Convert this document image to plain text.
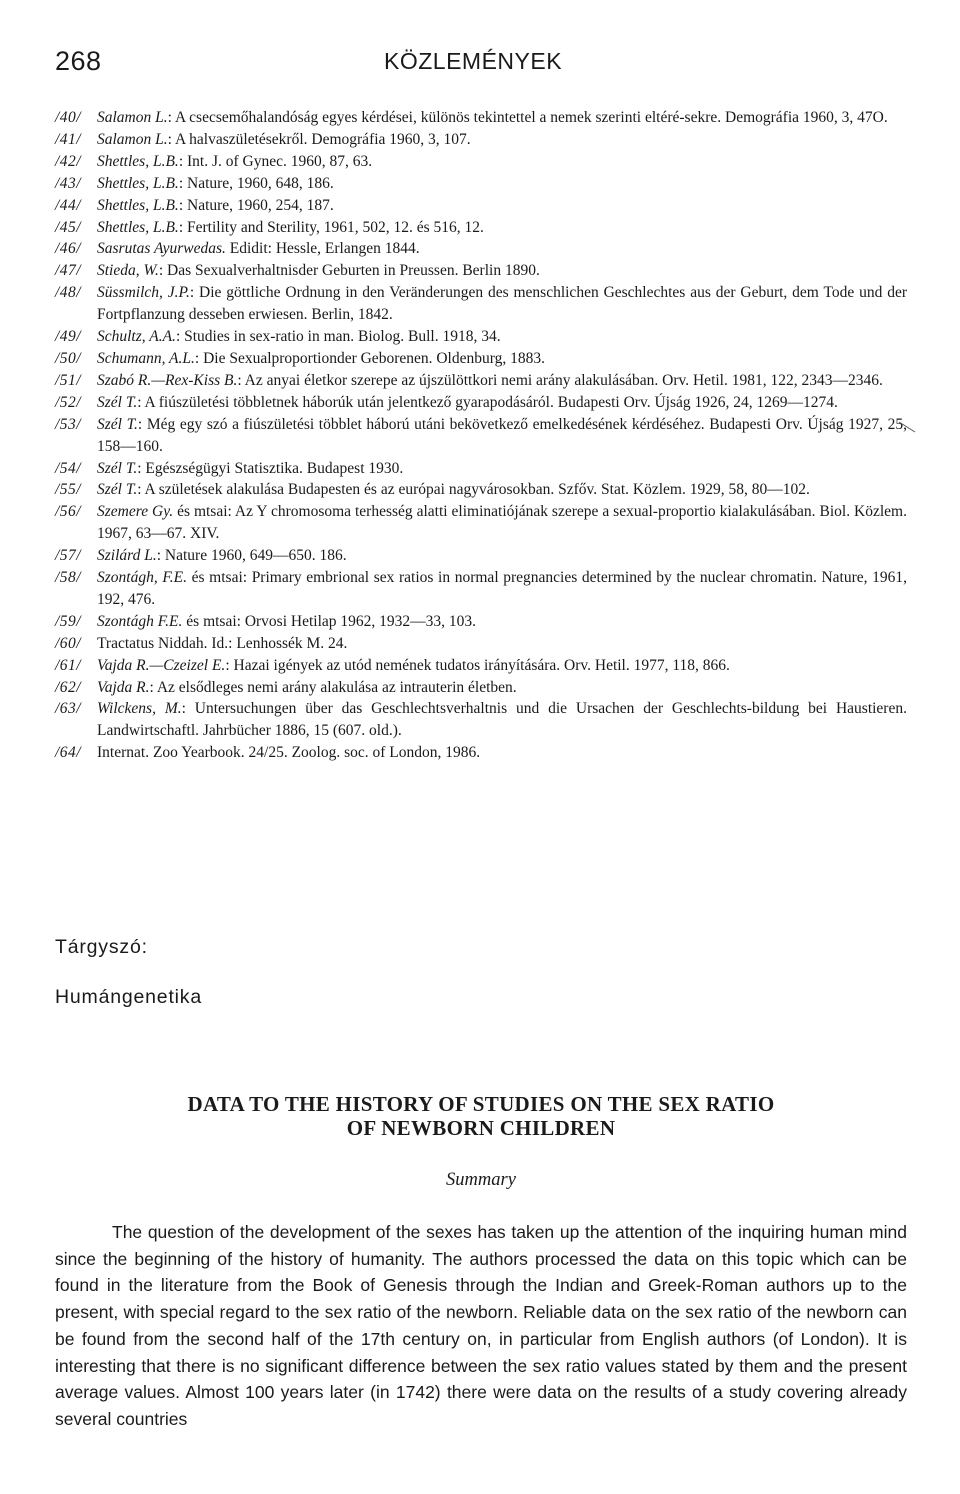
268	KÖZLEMÉNYEK
/40/ Salamon L.: A csecsemőhalandóság egyes kérdései, különös tekintettel a nemek szerinti eltéré-sekre. Demográfia 1960, 3, 47O.
/41/ Salamon L.: A halvaszületésekről. Demográfia 1960, 3, 107.
/42/ Shettles, L.B.: Int. J. of Gynec. 1960, 87, 63.
/43/ Shettles, L.B.: Nature, 1960, 648, 186.
/44/ Shettles, L.B.: Nature, 1960, 254, 187.
/45/ Shettles, L.B.: Fertility and Sterility, 1961, 502, 12. és 516, 12.
/46/ Sasrutas Ayurwedas. Edidit: Hessle, Erlangen 1844.
/47/ Stieda, W.: Das Sexualverhaltnisder Geburten in Preussen. Berlin 1890.
/48/ Süssmilch, J.P.: Die göttliche Ordnung in den Veränderungen des menschlichen Geschlechtes aus der Geburt, dem Tode und der Fortpflanzung desseben erwiesen. Berlin, 1842.
/49/ Schultz, A.A.: Studies in sex-ratio in man. Biolog. Bull. 1918, 34.
/50/ Schumann, A.L.: Die Sexualproportionder Geborenen. Oldenburg, 1883.
/51/ Szabó R.—Rex-Kiss B.: Az anyai életkor szerepe az újszülöttkori nemi arány alakulásában. Orv. Hetil. 1981, 122, 2343—2346.
/52/ Szél T.: A fiúszületési többletnek háborúk után jelentkező gyarapodásáról. Budapesti Orv. Újság 1926, 24, 1269—1274.
/53/ Szél T.: Még egy szó a fiúszületési többlet háború utáni bekövetkező emelkedésének kérdéséhez. Budapesti Orv. Újság 1927, 25, 158—160.
/54/ Szél T.: Egészségügyi Statisztika. Budapest 1930.
/55/ Szél T.: A születések alakulása Budapesten és az európai nagyvárosokban. Szfőv. Stat. Közlem. 1929, 58, 80—102.
/56/ Szemere Gy. és mtsai: Az Y chromosoma terhesség alatti eliminatiójának szerepe a sexual-proportio kialakulásában. Biol. Közlem. 1967, 63—67. XIV.
/57/ Szilárd L.: Nature 1960, 649—650. 186.
/58/ Szontágh, F.E. és mtsai: Primary embrional sex ratios in normal pregnancies determined by the nuclear chromatin. Nature, 1961, 192, 476.
/59/ Szontágh F.E. és mtsai: Orvosi Hetilap 1962, 1932—33, 103.
/60/ Tractatus Niddah. Id.: Lenhossék M. 24.
/61/ Vajda R.—Czeizel E.: Hazai igények az utód nemének tudatos irányítására. Orv. Hetil. 1977, 118, 866.
/62/ Vajda R.: Az elsődleges nemi arány alakulása az intrauterin életben.
/63/ Wilckens, M.: Untersuchungen über das Geschlechtsverhaltnis und die Ursachen der Geschlechts-bildung bei Haustieren. Landwirtschaftl. Jahrbücher 1886, 15 (607. old.).
/64/ Internat. Zoo Yearbook. 24/25. Zoolog. soc. of London, 1986.
Tárgyszó:
Humángenetika
DATA TO THE HISTORY OF STUDIES ON THE SEX RATIO
OF NEWBORN CHILDREN
Summary

The question of the development of the sexes has taken up the attention of the inquiring human mind since the beginning of the history of humanity. The authors processed the data on this topic which can be found in the literature from the Book of Genesis through the Indian and Greek-Roman authors up to the present, with special regard to the sex ratio of the newborn. Reliable data on the sex ratio of the newborn can be found from the second half of the 17th century on, in particular from English authors (of London). It is interesting that there is no significant difference between the sex ratio values stated by them and the present average values. Almost 100 years later (in 1742) there were data on the results of a study covering already several countries
